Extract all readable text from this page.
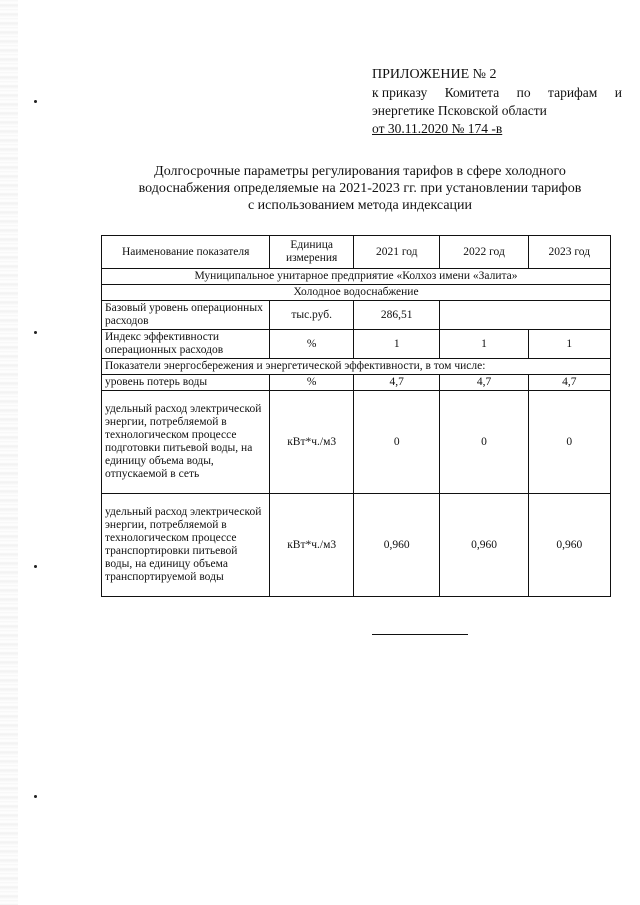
ПРИЛОЖЕНИЕ № 2
к приказу Комитета по тарифам и
энергетике Псковской области
от 30.11.2020 № 174 -в
Долгосрочные параметры регулирования тарифов в сфере холодного
водоснабжения определяемые на 2021-2023 гг. при установлении тарифов
с использованием метода индексации
Наименование показателя	Единица измерения	2021 год	2022 год	2023 год
Муниципальное унитарное предприятие «Колхоз имени «Залита»				
Холодное водоснабжение				
Базовый уровень операционных расходов	тыс.руб.	286,51		
Индекс эффективности операционных расходов	%	1	1	1
Показатели энергосбережения и энергетической эффективности, в том числе:				
уровень потерь воды	%	4,7	4,7	4,7
удельный расход электрической энергии, потребляемой в технологическом процессе подготовки питьевой воды, на единицу объема воды, отпускаемой в сеть	кВт*ч./м3	0	0	0
удельный расход электрической энергии, потребляемой в технологическом процессе транспортировки питьевой воды, на единицу объема транспортируемой воды	кВт*ч./м3	0,960	0,960	0,960
